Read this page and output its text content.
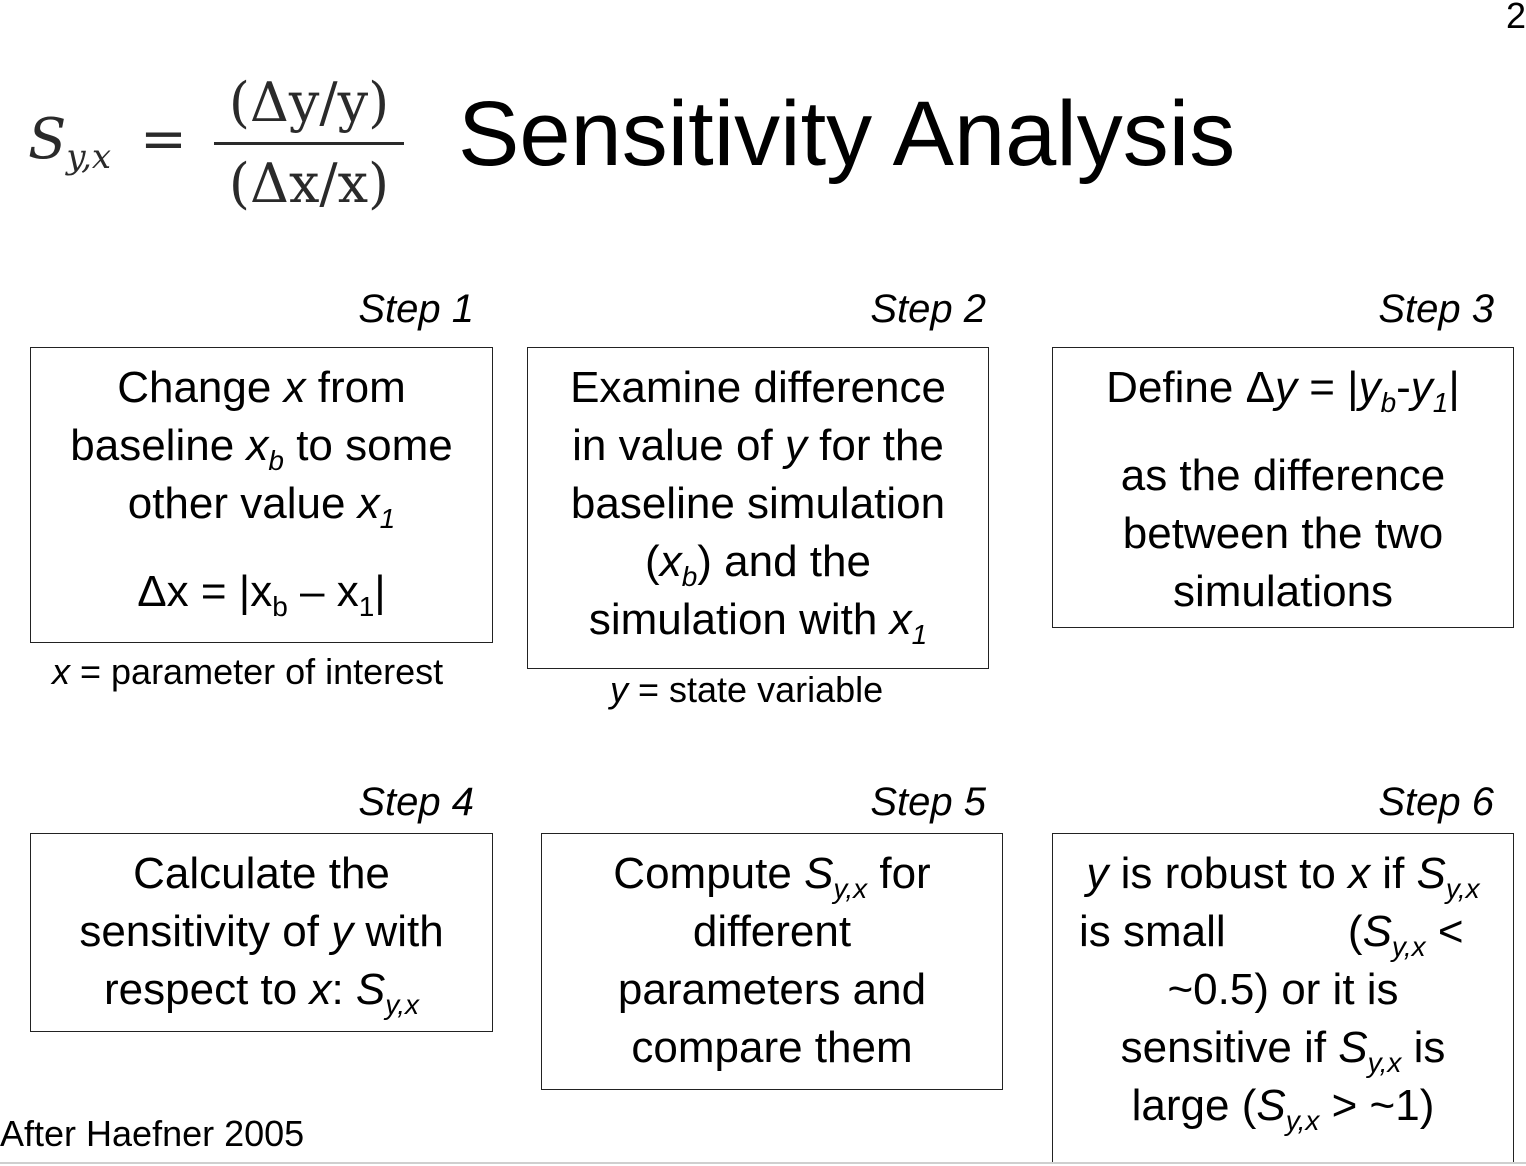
2
$S_{y,x}$ =
(Δy/y)
(Δx/x) Sensitivity Analysis
Step 1
Change x from
baseline $x_b$ to some
other value $x_1$
$\Delta x = |x_b - x_1|$
x = parameter of interest
Step 2
Examine difference
in value of y for the
baseline simulation
$(x_b)$ and the
simulation with $x_1$
y = state variable
Step 3
Define $\Delta y = |y_b-y_1|$
as the difference
between the two
simulations
Step 4
Calculate the
sensitivity of y with
respect to x: $S_{y,x}$
Step 5
Compute $S_{y,x}$ for
different
parameters and
compare them
Step 6
y is robust to x if $S_{y,x}$
is small	($S_{y,x}$ <
~0.5) or it is
sensitive if $S_{y,x}$ is
large ($S_{y,x}$ > ~1)
After Haefner 2005
